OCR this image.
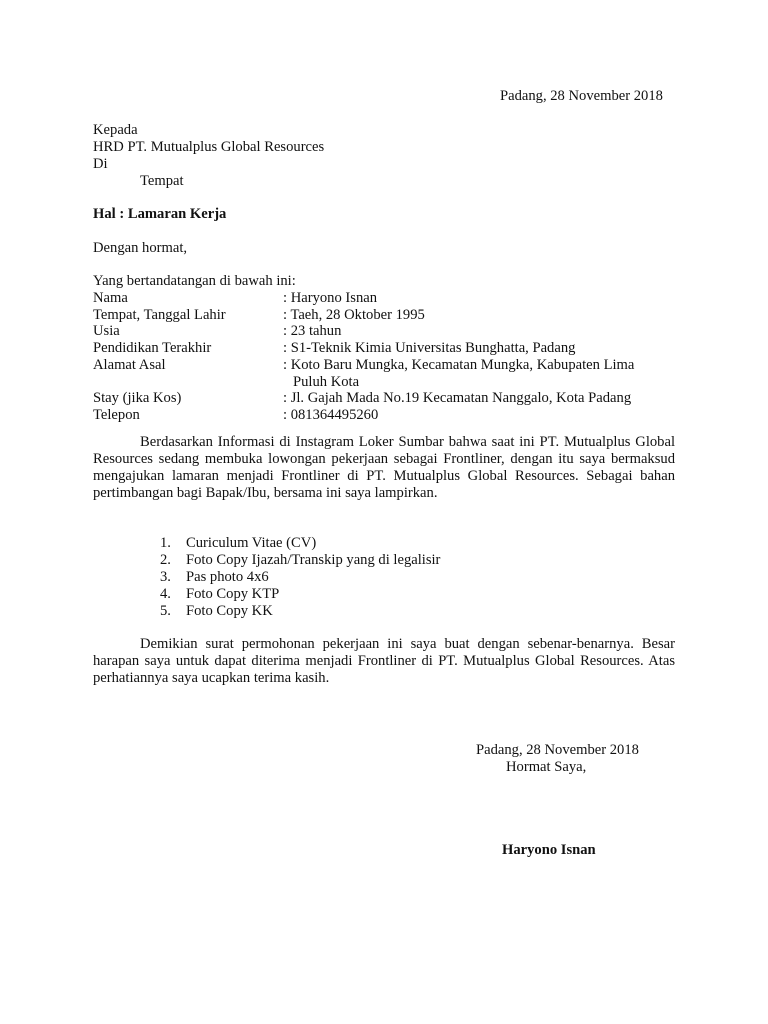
Padang, 28 November 2018
Kepada
HRD PT. Mutualplus Global Resources
Di
Tempat
Hal : Lamaran Kerja
Dengan hormat,
Yang bertandatangan di bawah ini:
Nama	: Haryono Isnan
Tempat, Tanggal Lahir	: Taeh, 28 Oktober 1995
Usia	: 23 tahun
Pendidikan Terakhir	: S1-Teknik Kimia Universitas Bunghatta, Padang
Alamat Asal	: Koto Baru Mungka, Kecamatan Mungka, Kabupaten Lima
Puluh Kota
Stay (jika Kos)	: Jl. Gajah Mada No.19 Kecamatan Nanggalo, Kota Padang
Telepon	: 081364495260

Berdasarkan Informasi di Instagram Loker Sumbar bahwa saat ini PT. Mutualplus Global Resources sedang membuka lowongan pekerjaan sebagai Frontliner, dengan itu saya bermaksud mengajukan lamaran menjadi Frontliner di PT. Mutualplus Global Resources. Sebagai bahan pertimbangan bagi Bapak/Ibu, bersama ini saya lampirkan.

1. Curiculum Vitae (CV)
2. Foto Copy Ijazah/Transkip yang di legalisir
3. Pas photo 4x6
4. Foto Copy KTP
5. Foto Copy KK

Demikian surat permohonan pekerjaan ini saya buat dengan sebenar-benarnya. Besar harapan saya untuk dapat diterima menjadi Frontliner di PT. Mutualplus Global Resources. Atas perhatiannya saya ucapkan terima kasih.

Padang, 28 November 2018
Hormat Saya,
Haryono Isnan
